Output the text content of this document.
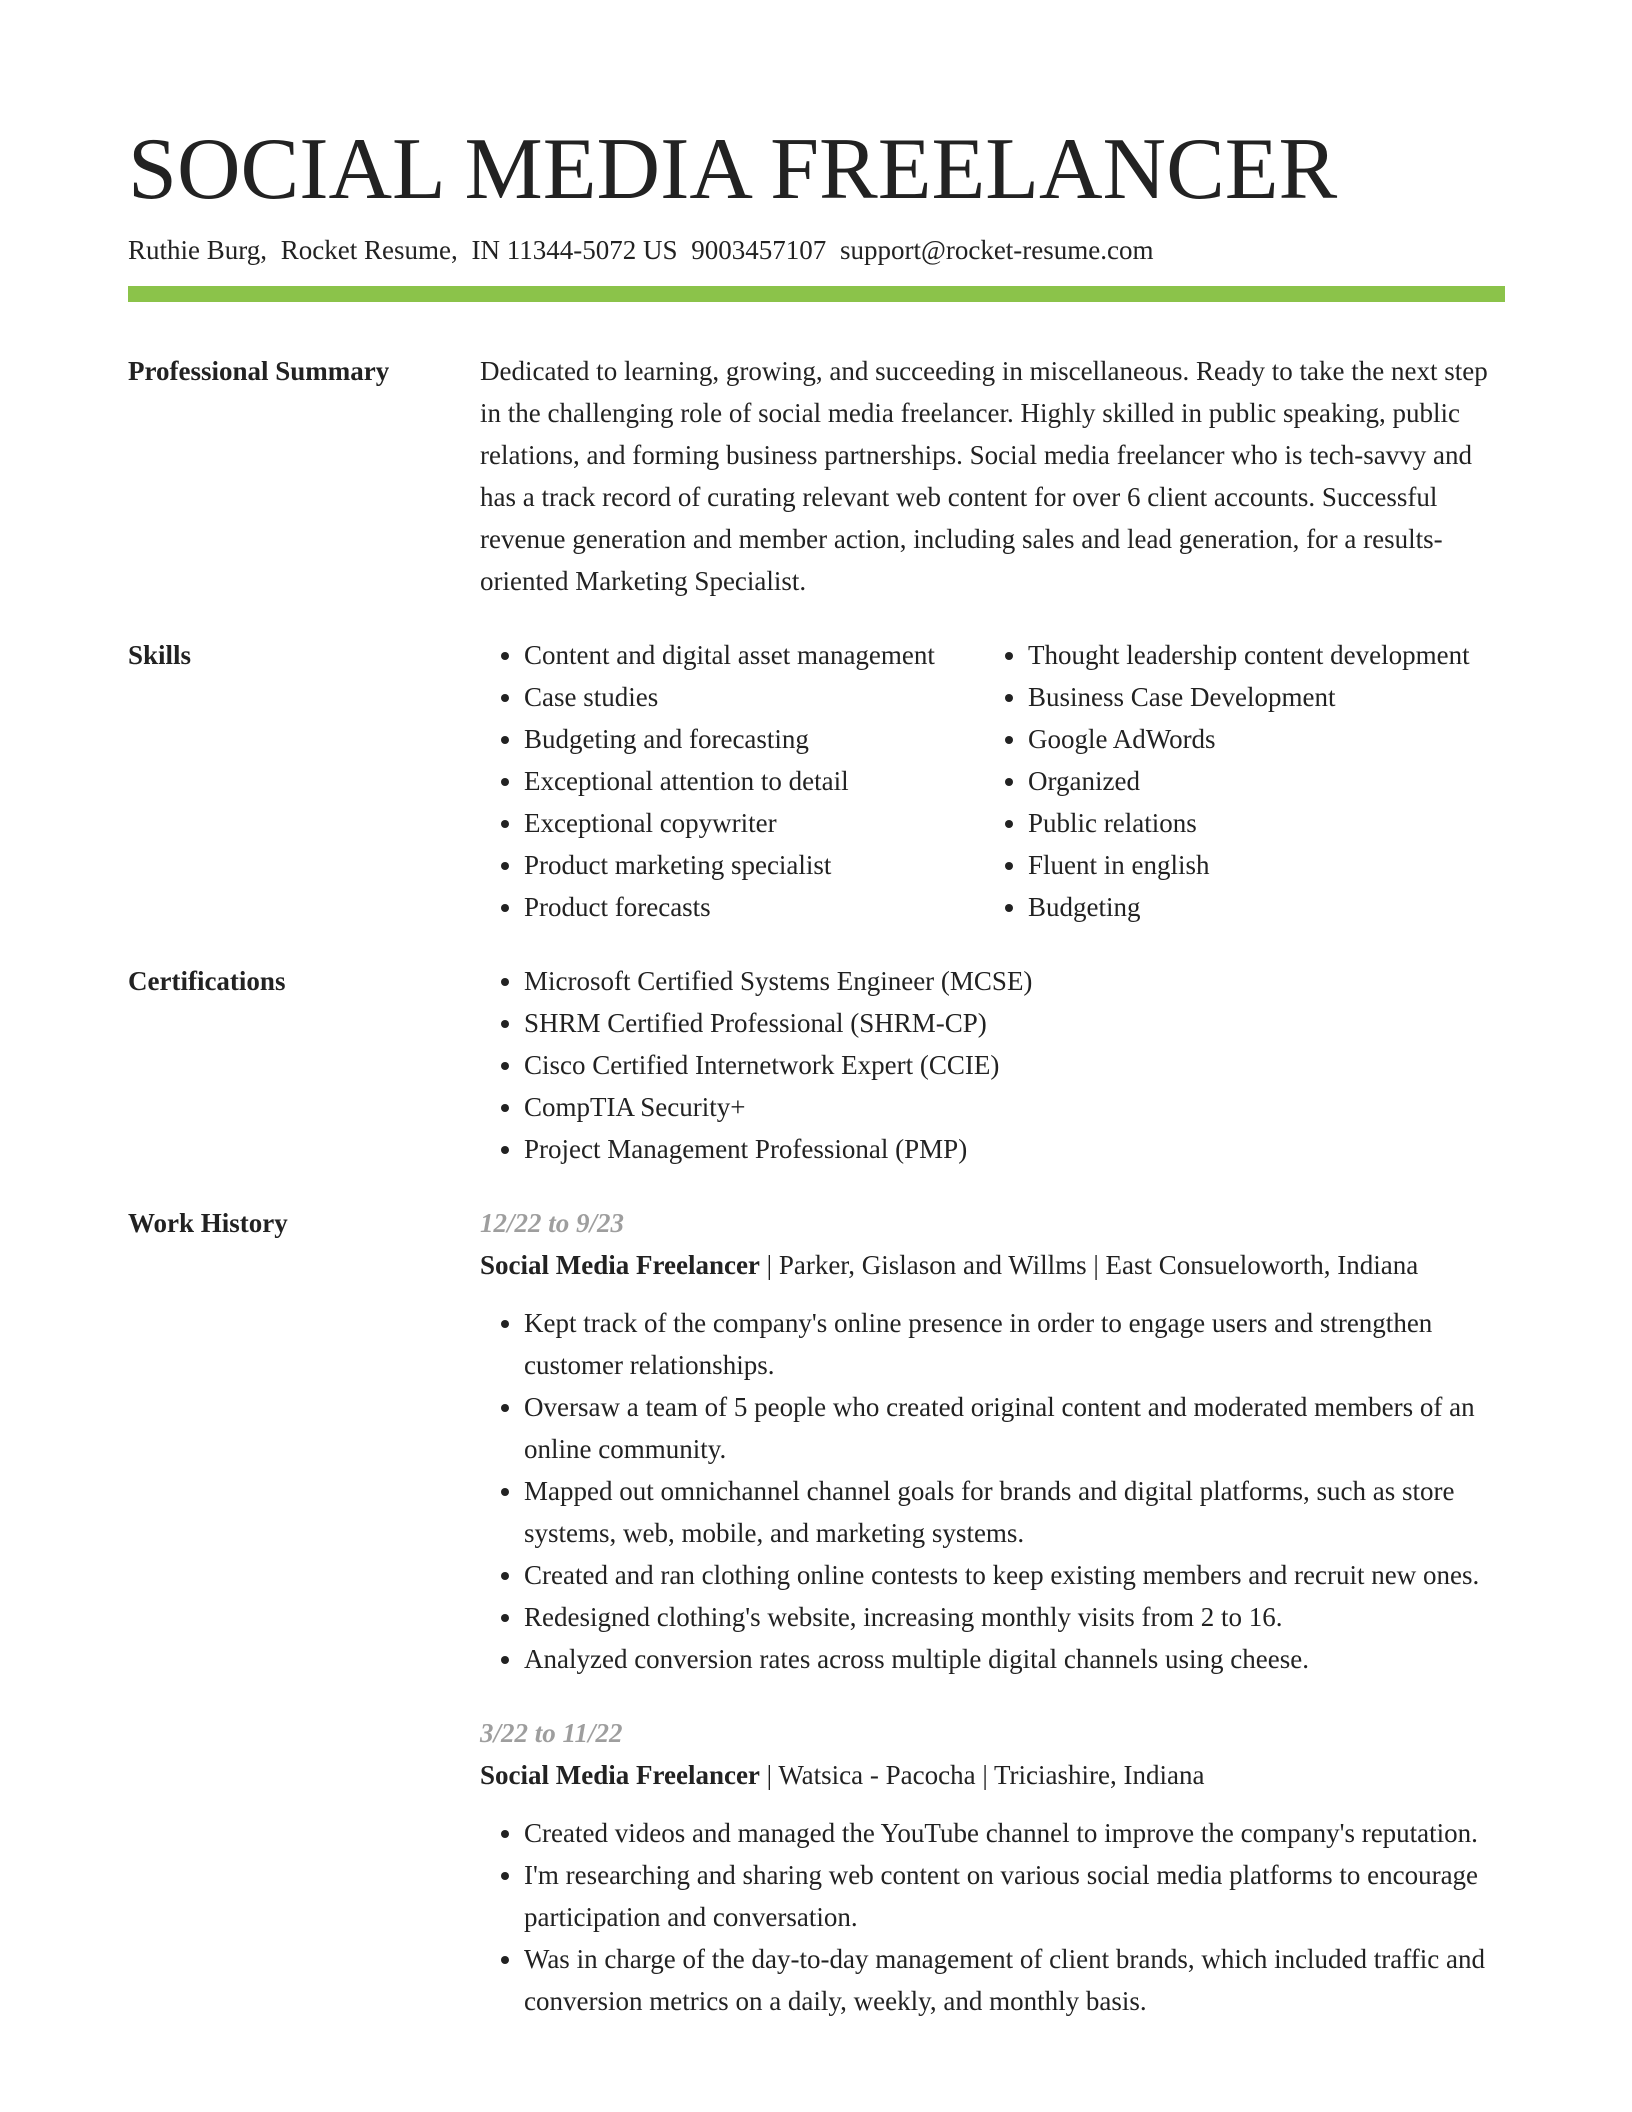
SOCIAL MEDIA FREELANCER
Ruthie Burg, Rocket Resume, IN 11344-5072 US 9003457107 support@rocket-resume.com
Professional Summary	Dedicated to learning, growing, and succeeding in miscellaneous. Ready to take the next step in the challenging role of social media freelancer. Highly skilled in public speaking, public relations, and forming business partnerships. Social media freelancer who is tech-savvy and has a track record of curating relevant web content for over 6 client accounts. Successful revenue generation and member action, including sales and lead generation, for a results-oriented Marketing Specialist.

Skills	• Content and digital asset management
• Case studies
• Budgeting and forecasting
• Exceptional attention to detail
• Exceptional copywriter
• Product marketing specialist
• Product forecasts
• Thought leadership content development
• Business Case Development
• Google AdWords
• Organized
• Public relations
• Fluent in english
• Budgeting
Certifications	• Microsoft Certified Systems Engineer (MCSE)
• SHRM Certified Professional (SHRM-CP)
• Cisco Certified Internetwork Expert (CCIE)
• CompTIA Security+
• Project Management Professional (PMP)
Work History	12/22 to 9/23
Social Media Freelancer | Parker, Gislason and Willms | East Consueloworth, Indiana
• Kept track of the company's online presence in order to engage users and strengthen customer relationships.
• Oversaw a team of 5 people who created original content and moderated members of an online community.
• Mapped out omnichannel channel goals for brands and digital platforms, such as store systems, web, mobile, and marketing systems.
• Created and ran clothing online contests to keep existing members and recruit new ones.
• Redesigned clothing's website, increasing monthly visits from 2 to 16.
• Analyzed conversion rates across multiple digital channels using cheese.
3/22 to 11/22
Social Media Freelancer | Watsica - Pacocha | Triciashire, Indiana
• Created videos and managed the YouTube channel to improve the company's reputation.
• I'm researching and sharing web content on various social media platforms to encourage participation and conversation.
• Was in charge of the day-to-day management of client brands, which included traffic and conversion metrics on a daily, weekly, and monthly basis.
